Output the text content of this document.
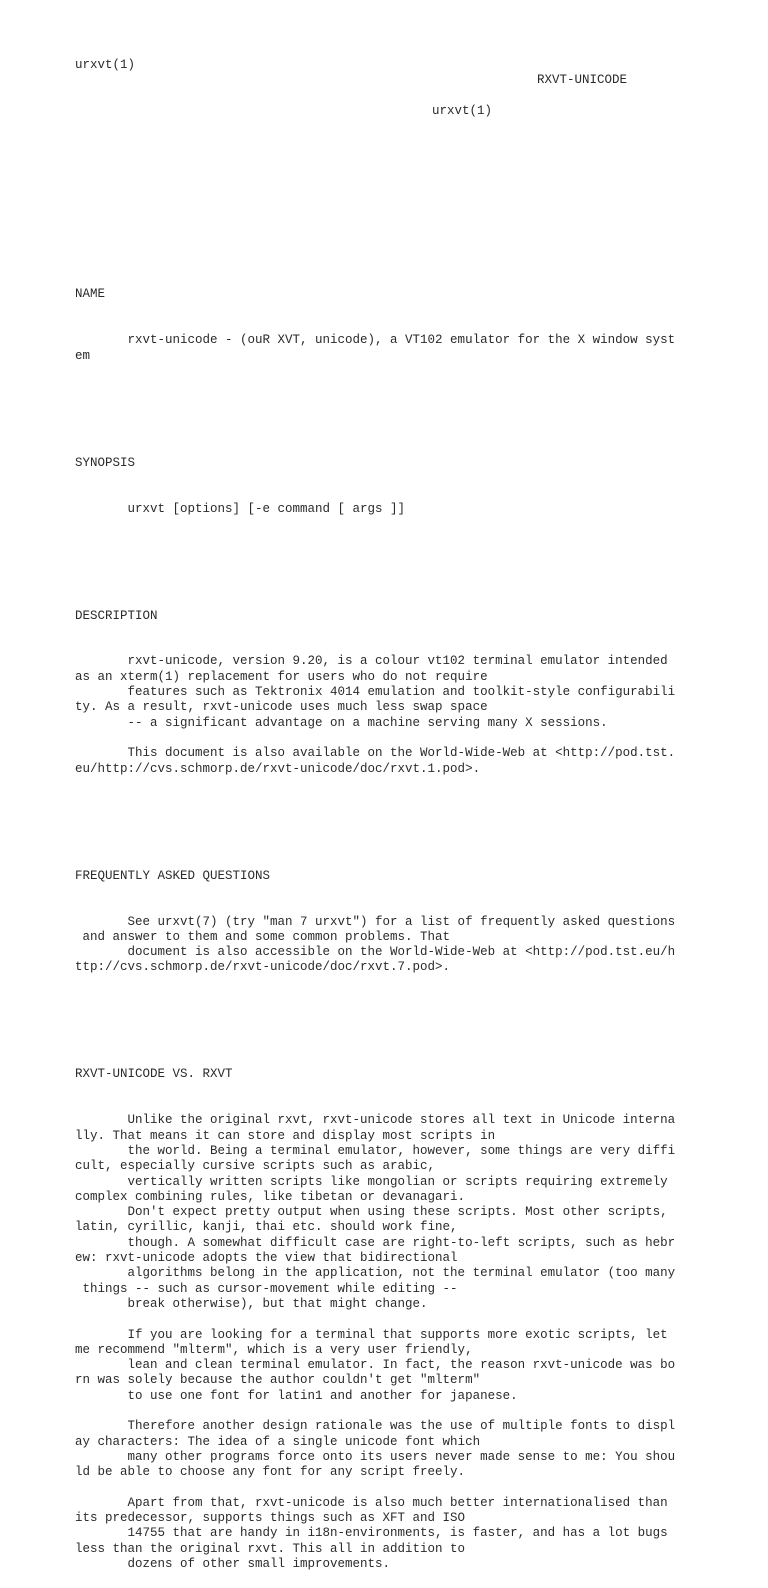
urxvt(1)

RXVT-UNICODE

urxvt(1)

NAME

rxvt-unicode - (ouR XVT, unicode), a VT102 emulator for the X window syst
em

SYNOPSIS

urxvt [options] [-e command [ args ]]

DESCRIPTION

rxvt-unicode, version 9.20, is a colour vt102 terminal emulator intended
as an xterm(1) replacement for users who do not require
features such as Tektronix 4014 emulation and toolkit-style configurabili
ty. As a result, rxvt-unicode uses much less swap space
-- a significant advantage on a machine serving many X sessions.
This document is also available on the World-Wide-Web at <http://pod.tst.
eu/http://cvs.schmorp.de/rxvt-unicode/doc/rxvt.1.pod>.

FREQUENTLY ASKED QUESTIONS

See urxvt(7) (try "man 7 urxvt") for a list of frequently asked questions
and answer to them and some common problems. That
document is also accessible on the World-Wide-Web at <http://pod.tst.eu/h
ttp://cvs.schmorp.de/rxvt-unicode/doc/rxvt.7.pod>.

RXVT-UNICODE VS. RXVT

Unlike the original rxvt, rxvt-unicode stores all text in Unicode interna
lly. That means it can store and display most scripts in
the world. Being a terminal emulator, however, some things are very diffi
cult, especially cursive scripts such as arabic,
vertically written scripts like mongolian or scripts requiring extremely
complex combining rules, like tibetan or devanagari.
Don't expect pretty output when using these scripts. Most other scripts,
latin, cyrillic, kanji, thai etc. should work fine,
though. A somewhat difficult case are right-to-left scripts, such as hebr
ew: rxvt-unicode adopts the view that bidirectional
algorithms belong in the application, not the terminal emulator (too many
things -- such as cursor-movement while editing --
break otherwise), but that might change.
If you are looking for a terminal that supports more exotic scripts, let
me recommend "mlterm", which is a very user friendly,
lean and clean terminal emulator. In fact, the reason rxvt-unicode was bo
rn was solely because the author couldn't get "mlterm"
to use one font for latin1 and another for japanese.
Therefore another design rationale was the use of multiple fonts to displ
ay characters: The idea of a single unicode font which
many other programs force onto its users never made sense to me: You shou
ld be able to choose any font for any script freely.
Apart from that, rxvt-unicode is also much better internationalised than
its predecessor, supports things such as XFT and ISO
14755 that are handy in i18n-environments, is faster, and has a lot bugs
less than the original rxvt. This all in addition to
dozens of other small improvements.
